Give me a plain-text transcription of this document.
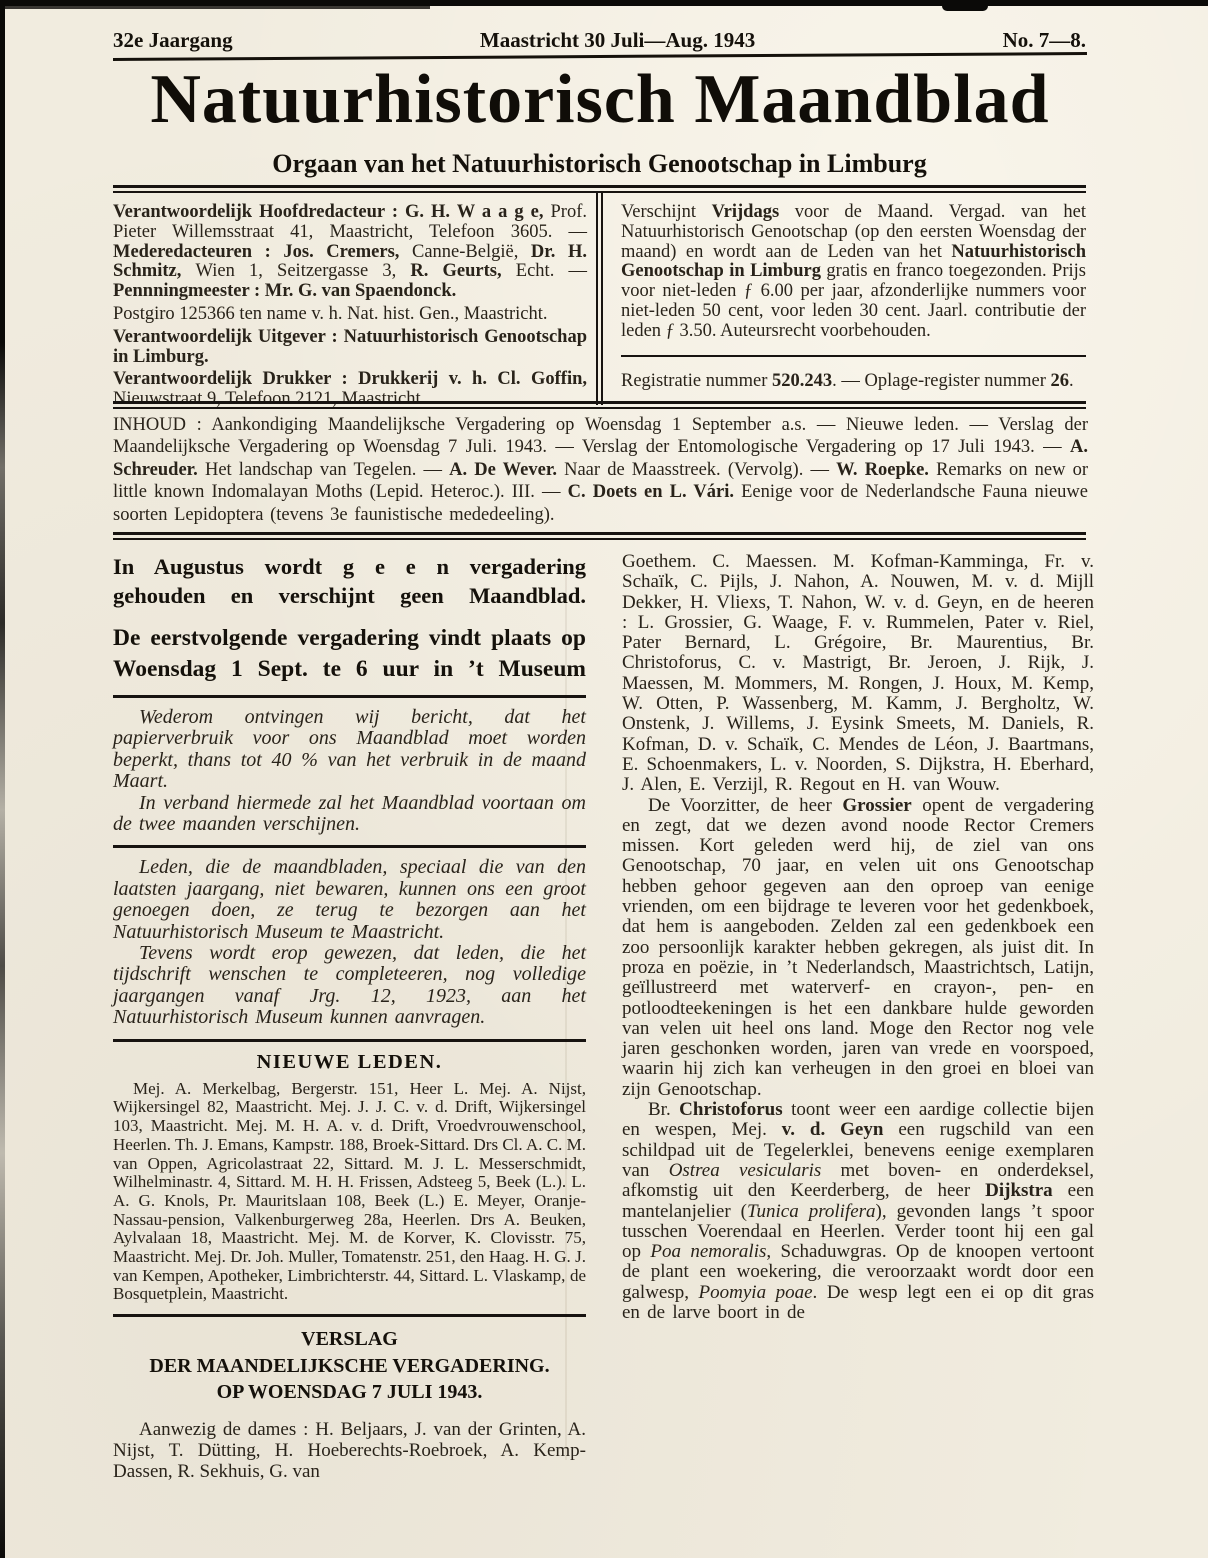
32e Jaargang	Maastricht 30 Juli—Aug. 1943	No. 7—8.
Natuurhistorisch Maandblad
Orgaan van het Natuurhistorisch Genootschap in Limburg

Verantwoordelijk Hoofdredacteur : G. H. W a a g e, Prof. Pieter Willemsstraat 41, Maastricht, Telefoon 3605. — Mederedacteuren : Jos. Cremers, Canne-België, Dr. H. Schmitz, Wien 1, Seitzergasse 3, R. Geurts, Echt. — Pennningmeester : Mr. G. van Spaendonck.

Postgiro 125366 ten name v. h. Nat. hist. Gen., Maastricht.

Verantwoordelijk Uitgever : Natuurhistorisch Genootschap in Limburg.

Verantwoordelijk Drukker : Drukkerij v. h. Cl. Goffin, Nieuwstraat 9, Telefoon 2121, Maastricht.

Verschijnt Vrijdags voor de Maand. Vergad. van het Natuurhistorisch Genootschap (op den eersten Woensdag der maand) en wordt aan de Leden van het Natuurhistorisch Genootschap in Limburg gratis en franco toegezonden. Prijs voor niet-leden ƒ 6.00 per jaar, afzonderlijke nummers voor niet-leden 50 cent, voor leden 30 cent. Jaarl. contributie der leden ƒ 3.50. Auteursrecht voorbehouden.

Registratie nummer 520.243. — Oplage-register nummer 26.

INHOUD : Aankondiging Maandelijksche Vergadering op Woensdag 1 September a.s. — Nieuwe leden. — Verslag der Maandelijksche Vergadering op Woensdag 7 Juli. 1943. — Verslag der Entomologische Vergadering op 17 Juli 1943. — A. Schreuder. Het landschap van Tegelen. — A. De Wever. Naar de Maasstreek. (Vervolg). — W. Roepke. Remarks on new or little known Indomalayan Moths (Lepid. Heteroc.). III. — C. Doets en L. Vári. Eenige voor de Nederlandsche Fauna nieuwe soorten Lepidoptera (tevens 3e faunistische mededeeling).

In Augustus wordt g e e n vergadering gehouden en verschijnt geen Maandblad.

De eerstvolgende vergadering vindt plaats op Woensdag 1 Sept. te 6 uur in ’t Museum

Wederom ontvingen wij bericht, dat het papierverbruik voor ons Maandblad moet worden beperkt, thans tot 40 % van het verbruik in de maand Maart.

In verband hiermede zal het Maandblad voortaan om de twee maanden verschijnen.

Leden, die de maandbladen, speciaal die van den laatsten jaargang, niet bewaren, kunnen ons een groot genoegen doen, ze terug te bezorgen aan het Natuurhistorisch Museum te Maastricht.

Tevens wordt erop gewezen, dat leden, die het tijdschrift wenschen te completeeren, nog volledige jaargangen vanaf Jrg. 12, 1923, aan het Natuurhistorisch Museum kunnen aanvragen.

NIEUWE LEDEN.

Mej. A. Merkelbag, Bergerstr. 151, Heer L. Mej. A. Nijst, Wijkersingel 82, Maastricht. Mej. J. J. C. v. d. Drift, Wijkersingel 103, Maastricht. Mej. M. H. A. v. d. Drift, Vroedvrouwenschool, Heerlen. Th. J. Emans, Kampstr. 188, Broek-Sittard. Drs Cl. A. C. M. van Oppen, Agricolastraat 22, Sittard. M. J. L. Messerschmidt, Wilhelminastr. 4, Sittard. M. H. H. Frissen, Adsteeg 5, Beek (L.). L. A. G. Knols, Pr. Mauritslaan 108, Beek (L.) E. Meyer, Oranje-Nassau-pension, Valkenburgerweg 28a, Heerlen. Drs A. Beuken, Aylvalaan 18, Maastricht. Mej. M. de Korver, K. Clovisstr. 75, Maastricht. Mej. Dr. Joh. Muller, Tomatenstr. 251, den Haag. H. G. J. van Kempen, Apotheker, Limbrichterstr. 44, Sittard. L. Vlaskamp, de Bosquetplein, Maastricht.

VERSLAG
DER MAANDELIJKSCHE VERGADERING.
OP WOENSDAG 7 JULI 1943.

Aanwezig de dames : H. Beljaars, J. van der Grinten, A. Nijst, T. Dütting, H. Hoeberechts-Roebroek, A. Kemp-Dassen, R. Sekhuis, G. van

Goethem. C. Maessen. M. Kofman-Kamminga, Fr. v. Schaïk, C. Pijls, J. Nahon, A. Nouwen, M. v. d. Mijll Dekker, H. Vliexs, T. Nahon, W. v. d. Geyn, en de heeren : L. Grossier, G. Waage, F. v. Rummelen, Pater v. Riel, Pater Bernard, L. Grégoire, Br. Maurentius, Br. Christoforus, C. v. Mastrigt, Br. Jeroen, J. Rijk, J. Maessen, M. Mommers, M. Rongen, J. Houx, M. Kemp, W. Otten, P. Wassenberg, M. Kamm, J. Bergholtz, W. Onstenk, J. Willems, J. Eysink Smeets, M. Daniels, R. Kofman, D. v. Schaïk, C. Mendes de Léon, J. Baartmans, E. Schoenmakers, L. v. Noorden, S. Dijkstra, H. Eberhard, J. Alen, E. Verzijl, R. Regout en H. van Wouw.

De Voorzitter, de heer Grossier opent de vergadering en zegt, dat we dezen avond noode Rector Cremers missen. Kort geleden werd hij, de ziel van ons Genootschap, 70 jaar, en velen uit ons Genootschap hebben gehoor gegeven aan den oproep van eenige vrienden, om een bijdrage te leveren voor het gedenkboek, dat hem is aangeboden. Zelden zal een gedenkboek een zoo persoonlijk karakter hebben gekregen, als juist dit. In proza en poëzie, in ’t Nederlandsch, Maastrichtsch, Latijn, geïllustreerd met waterverf- en crayon-, pen- en potloodteekeningen is het een dankbare hulde geworden van velen uit heel ons land. Moge den Rector nog vele jaren geschonken worden, jaren van vrede en voorspoed, waarin hij zich kan verheugen in den groei en bloei van zijn Genootschap.

Br. Christoforus toont weer een aardige collectie bijen en wespen, Mej. v. d. Geyn een rugschild van een schildpad uit de Tegelerklei, benevens eenige exemplaren van Ostrea vesicularis met boven- en onderdeksel, afkomstig uit den Keerderberg, de heer Dijkstra een mantelanjelier (Tunica prolifera), gevonden langs ’t spoor tusschen Voerendaal en Heerlen. Verder toont hij een gal op Poa nemoralis, Schaduwgras. Op de knoopen vertoont de plant een woekering, die veroorzaakt wordt door een galwesp, Poomyia poae. De wesp legt een ei op dit gras en de larve boort in de
